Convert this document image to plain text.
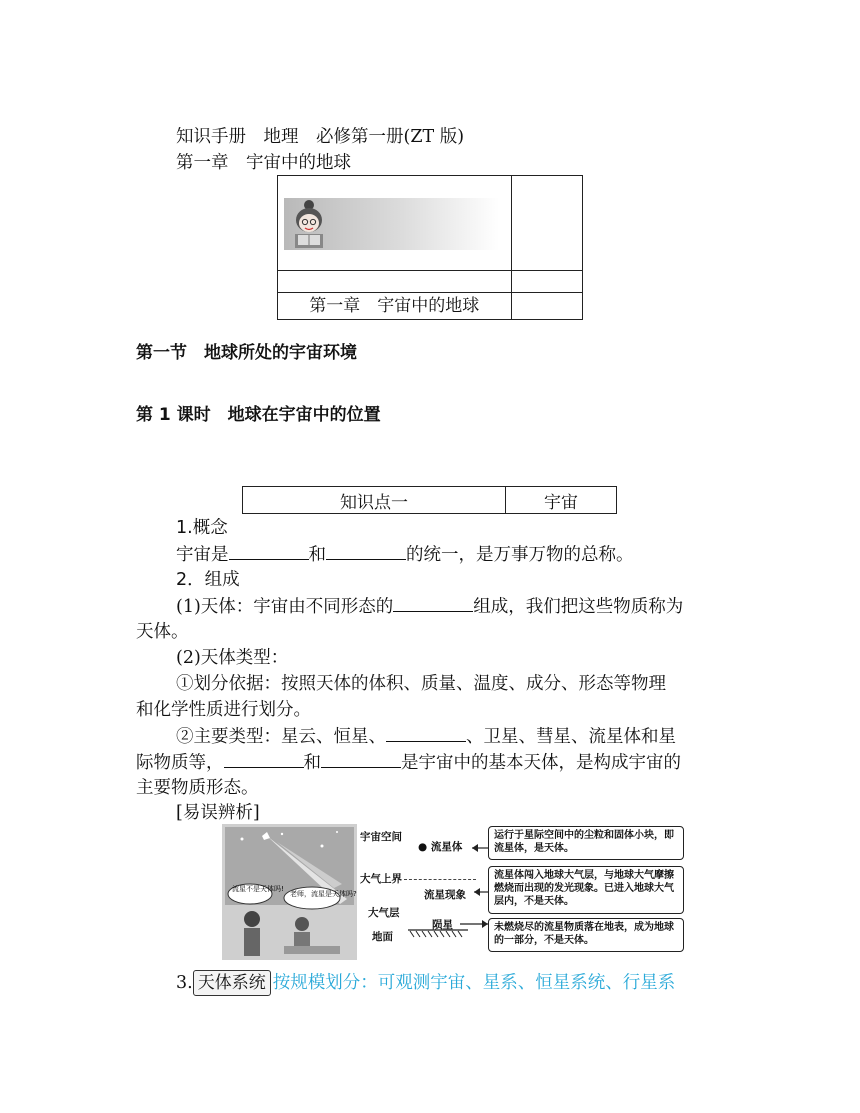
知识手册　地理　必修第一册(ZT 版)
第一章　宇宙中的地球

第一章　宇宙中的地球	
第一节　地球所处的宇宙环境
第 1 课时　地球在宇宙中的位置
知识点一	宇宙
1.概念
宇宙是	和	的统一，是万事万物的总称。
2．组成
(1)天体：宇宙由不同形态的	组成，我们把这些物质称为
天体。
(2)天体类型：
①划分依据：按照天体的体积、质量、温度、成分、形态等物理
和化学性质进行划分。
②主要类型：星云、恒星、	、卫星、彗星、流星体和星
际物质等，	和	是宇宙中的基本天体，是构成宇宙的
主要物质形态。
[易误辨析]
流星不是天体吗!
老师，流星是天体吗?
宇宙空间
● 流星体
运行于星际空间中的尘粒和固体小块，即流星体，是天体。
大气上界
流星现象
流星体闯入地球大气层，与地球大气摩擦燃烧而出现的发光现象。已进入地球大气层内，不是天体。
大气层
陨星
地面
未燃烧尽的流星物质落在地表，成为地球的一部分，不是天体。
3. 天体系统 按规模划分：可观测宇宙、星系、恒星系统、行星系
